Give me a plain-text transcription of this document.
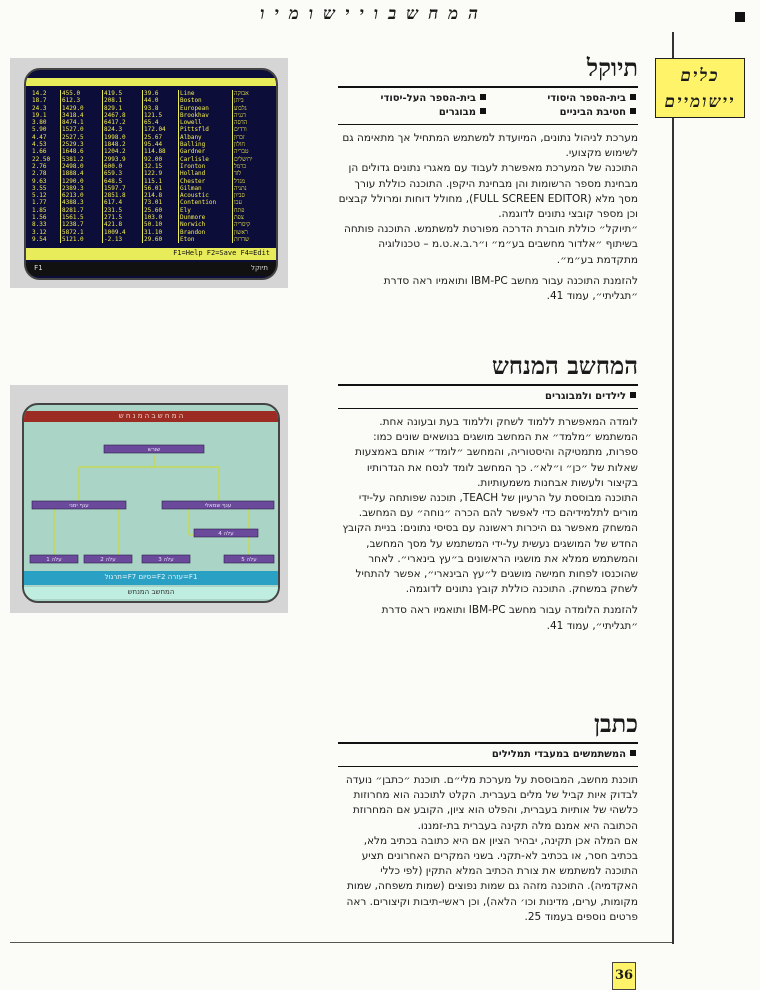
ה מ ח ש ב ו י י ש ו מ י ו
כלים
יישומיים
תיוקל
בית-הספר היסודי
בית-הספר העל-יסודי
חטיבת הביניים
מבוגרים

מערכת לניהול נתונים, המיועדת למשתמש המתחיל אך מתאימה גם לשימוש מקצועי.

התוכנה של המערכת מאפשרת לעבוד עם מאגרי נתונים גדולים הן מבחינת מספר הרשומות והן מבחינת היקפן. התוכנה כוללת עורך מסך מלא (FULL SCREEN EDITOR), מחולל דוחות ומרולל קבצים וכן מספר קובצי נתונים לדוגמה.

״תיוקל״ כוללת חוברת הדרכה מפורטת למשתמש. התוכנה פותחה בשיתוף ״אלדור מחשבים בע״מ״ ו״ר.ב.א.ט.מ – טכנולוגיה מתקדמת בע״מ״.

להזמנת התוכנה עבור מחשב IBM-PC ותואמיו ראה סדרת ״תגליתי״, עמוד 41.

המחשב המנחש
לילדים ולמבוגרים

לומדה המאפשרת ללמוד לשחק וללמוד בעת ובעונה אחת. המשתמש ״מלמד״ את המחשב מושגים בנושאים שונים כמו: ספרות, מתמטיקה והיסטוריה, והמחשב ״לומד״ אותם באמצעות שאלות של ״כן״ ו״לא״. כך המחשב לומד לנסח את הגדרותיו בקיצור ולעשות אבחנות משמעותיות.

התוכנה מבוססת על הרעיון של TEACH, תוכנה שפותחה על-ידי מורים לתלמידיהם כדי לאפשר להם הכרה ״נוחה״ עם המחשב.

המשחק מאפשר גם היכרות ראשונה עם בסיסי נתונים: בניית הקובץ החדש של המושגים נעשית על-ידי המשתמש על מסך המחשב, והמשתמש ממלא את מושגיו הראשונים ב״עץ בינארי״. לאחר שהוכנסו לפחות חמישה מושגים ל״עץ הבינארי״, אפשר להתחיל לשחק במשחק. התוכנה כוללת קובץ נתונים לדוגמה.

להזמנת הלומדה עבור מחשב IBM-PC ותואמיו ראה סדרת ״תגליתי״, עמוד 41.

כתבן
המשתמשים במעבדי תמלילים

תוכנת מחשב, המבוססת על מערכת מלי״ם. תוכנת ״כתבן״ נועדה לבדוק איות קביל של מלים בעברית. הקלט לתוכנה הוא מחרוזות כלשהי של אותיות בעברית, והפלט הוא ציון, הקובע אם המחרוזת הכתובה היא אמנם מלה תקינה בעברית בת-זמננו.

אם המלה אכן תקינה, יבהיר הציון אם היא כתובה בכתיב מלא, בכתיב חסר, או בכתיב לא-תקני. בשני המקרים האחרונים תציע התוכנה למשתמש את צורת הכתיב המלא התקין (לפי כללי האקדמיה). התוכנה מזהה גם שמות נפוצים (שמות משפחה, שמות מקומות, ערים, מדינות וכו׳ הלאה), וכן ראשי-תיבות וקיצורים. ראה פרטים נוספים בעמוד 25.

14.2	455.0	419.5	39.6	Line	אבוקה
18.7	612.3	208.1	44.0	Boston	ביתן
24.3	1429.0	829.1	93.8	European	גלבוע
19.1	3418.4	2467.8	121.5	Brookhav	דגניה
3.80	8474.1	6417.2	65.4	Lowell	הדסה
5.90	1527.0	824.3	172.04 Pittsfld	ורדים
4.47	2527.5	1998.0	25.67	Albany	זכרון
4.53	2529.3	1848.2	95.44	Balling	חולון
1.66	1648.6	1204.2	114.88 Gardner	טבריה
22.50 5381.2	2993.9	92.00	Carlisle	ירושלים
2.76	2498.0	600.0	32.15	Ironton	כרמל
2.78	1888.4	659.3	122.9	Holland	לוד
9.63	1290.0	648.5	115.1	Chester	מגדל
3.55	2389.3	1597.7	56.01	Gilman	נתניה
5.12	6213.0	2851.8	214.8	Acoustic	סביון
1.77	4388.3	617.4	73.01	Contention	עכו
1.85	8281.7	231.5	25.60	Ely	פתח
1.56	1561.5	271.5	103.0	Dunmore	צפת
8.33	1238.7	421.8	50.10	Norwich	קיסריה
3.12	5872.1	1009.4	31.10	Brandon	ראשון
9.54	5121.0	-2.13	29.60	Eton	שדרות
F1=Help F2=Save F4=Edit
F1	תיוקל
ה מ ח ש ב ה מ נ ח ש
שורש
ענף ימני	ענף שמאלי
עלה 1	עלה 2	עלה 3
עלה 4
עלה 5
F1=עזרה F2=סיום F7=תרגול
המחשב המנחש
36
